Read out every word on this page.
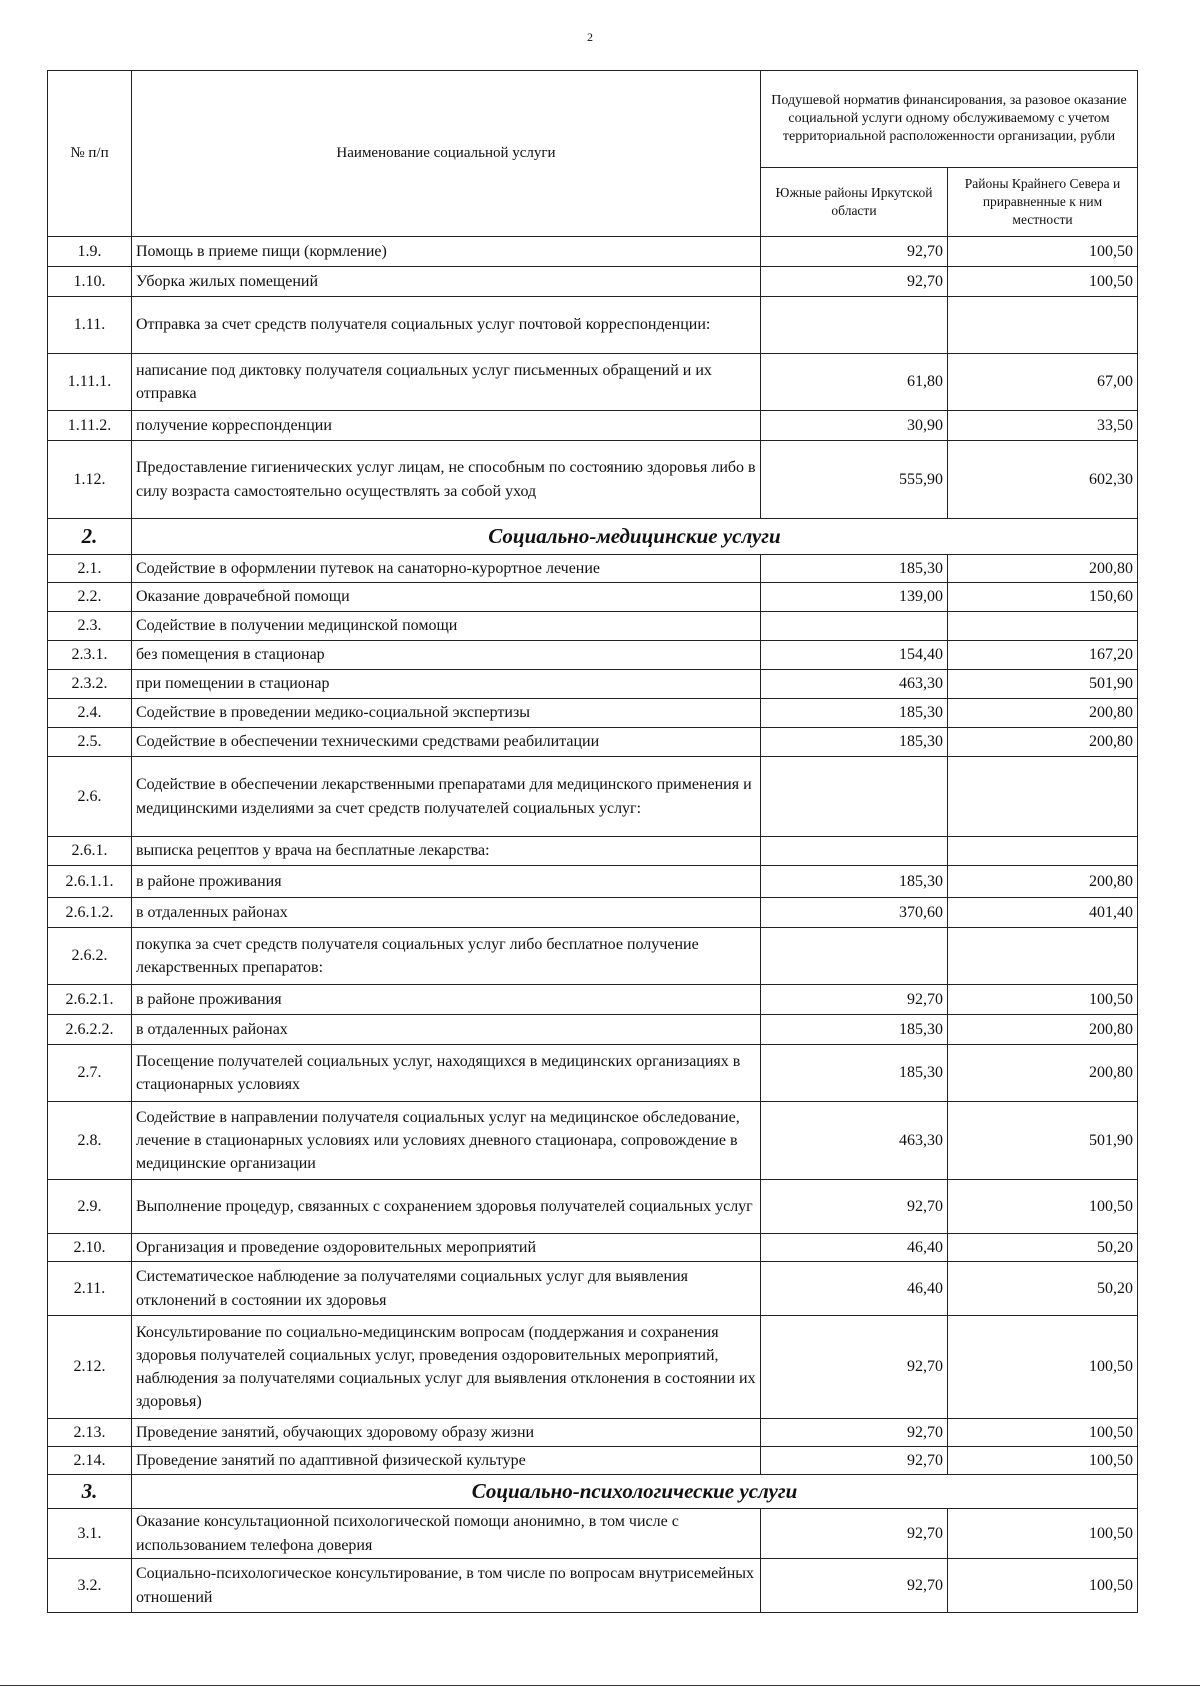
2
№ п/п	Наименование социальной услуги	Подушевой норматив финансирования, за разовое оказание социальной услуги одному обслуживаемому с учетом территориальной расположенности организации, рубли	
		Южные районы Иркутской области	Районы Крайнего Севера и приравненные к ним местности
1.9.	Помощь в приеме пищи (кормление)	92,70	100,50
1.10.	Уборка жилых помещений	92,70	100,50
1.11.	Отправка за счет средств получателя социальных услуг почтовой корреспонденции:		
1.11.1.	написание под диктовку получателя социальных услуг письменных обращений и их отправка	61,80	67,00
1.11.2.	получение корреспонденции	30,90	33,50
1.12.	Предоставление гигиенических услуг лицам, не способным по состоянию здоровья либо в силу возраста самостоятельно осуществлять за собой уход	555,90	602,30
2.	Социально-медицинские услуги		
2.1.	Содействие в оформлении путевок на санаторно-курортное лечение	185,30	200,80
2.2.	Оказание доврачебной помощи	139,00	150,60
2.3.	Содействие в получении медицинской помощи		
2.3.1.	без помещения в стационар	154,40	167,20
2.3.2.	при помещении в стационар	463,30	501,90
2.4.	Содействие в проведении медико-социальной экспертизы	185,30	200,80
2.5.	Содействие в обеспечении техническими средствами реабилитации	185,30	200,80
2.6.	Содействие в обеспечении лекарственными препаратами для медицинского применения и медицинскими изделиями за счет средств получателей социальных услуг:		
2.6.1.	выписка рецептов у врача на бесплатные лекарства:		
2.6.1.1.	в районе проживания	185,30	200,80
2.6.1.2.	в отдаленных районах	370,60	401,40
2.6.2.	покупка за счет средств получателя социальных услуг либо бесплатное получение лекарственных препаратов:		
2.6.2.1.	в районе проживания	92,70	100,50
2.6.2.2.	в отдаленных районах	185,30	200,80
2.7.	Посещение получателей социальных услуг, находящихся в медицинских организациях в стационарных условиях	185,30	200,80
2.8.	Содействие в направлении получателя социальных услуг на медицинское обследование, лечение в стационарных условиях или условиях дневного стационара, сопровождение в медицинские организации	463,30	501,90
2.9.	Выполнение процедур, связанных с сохранением здоровья получателей социальных услуг	92,70	100,50
2.10.	Организация и проведение оздоровительных мероприятий	46,40	50,20
2.11.	Систематическое наблюдение за получателями социальных услуг для выявления отклонений в состоянии их здоровья	46,40	50,20
2.12.	Консультирование по социально-медицинским вопросам (поддержания и сохранения здоровья получателей социальных услуг, проведения оздоровительных мероприятий, наблюдения за получателями социальных услуг для выявления отклонения в состоянии их здоровья)	92,70	100,50
2.13.	Проведение занятий, обучающих здоровому образу жизни	92,70	100,50
2.14.	Проведение занятий по адаптивной физической культуре	92,70	100,50
3.	Социально-психологические услуги		
3.1.	Оказание консультационной психологической помощи анонимно, в том числе с использованием телефона доверия	92,70	100,50
3.2.	Социально-психологическое консультирование, в том числе по вопросам внутрисемейных отношений	92,70	100,50
